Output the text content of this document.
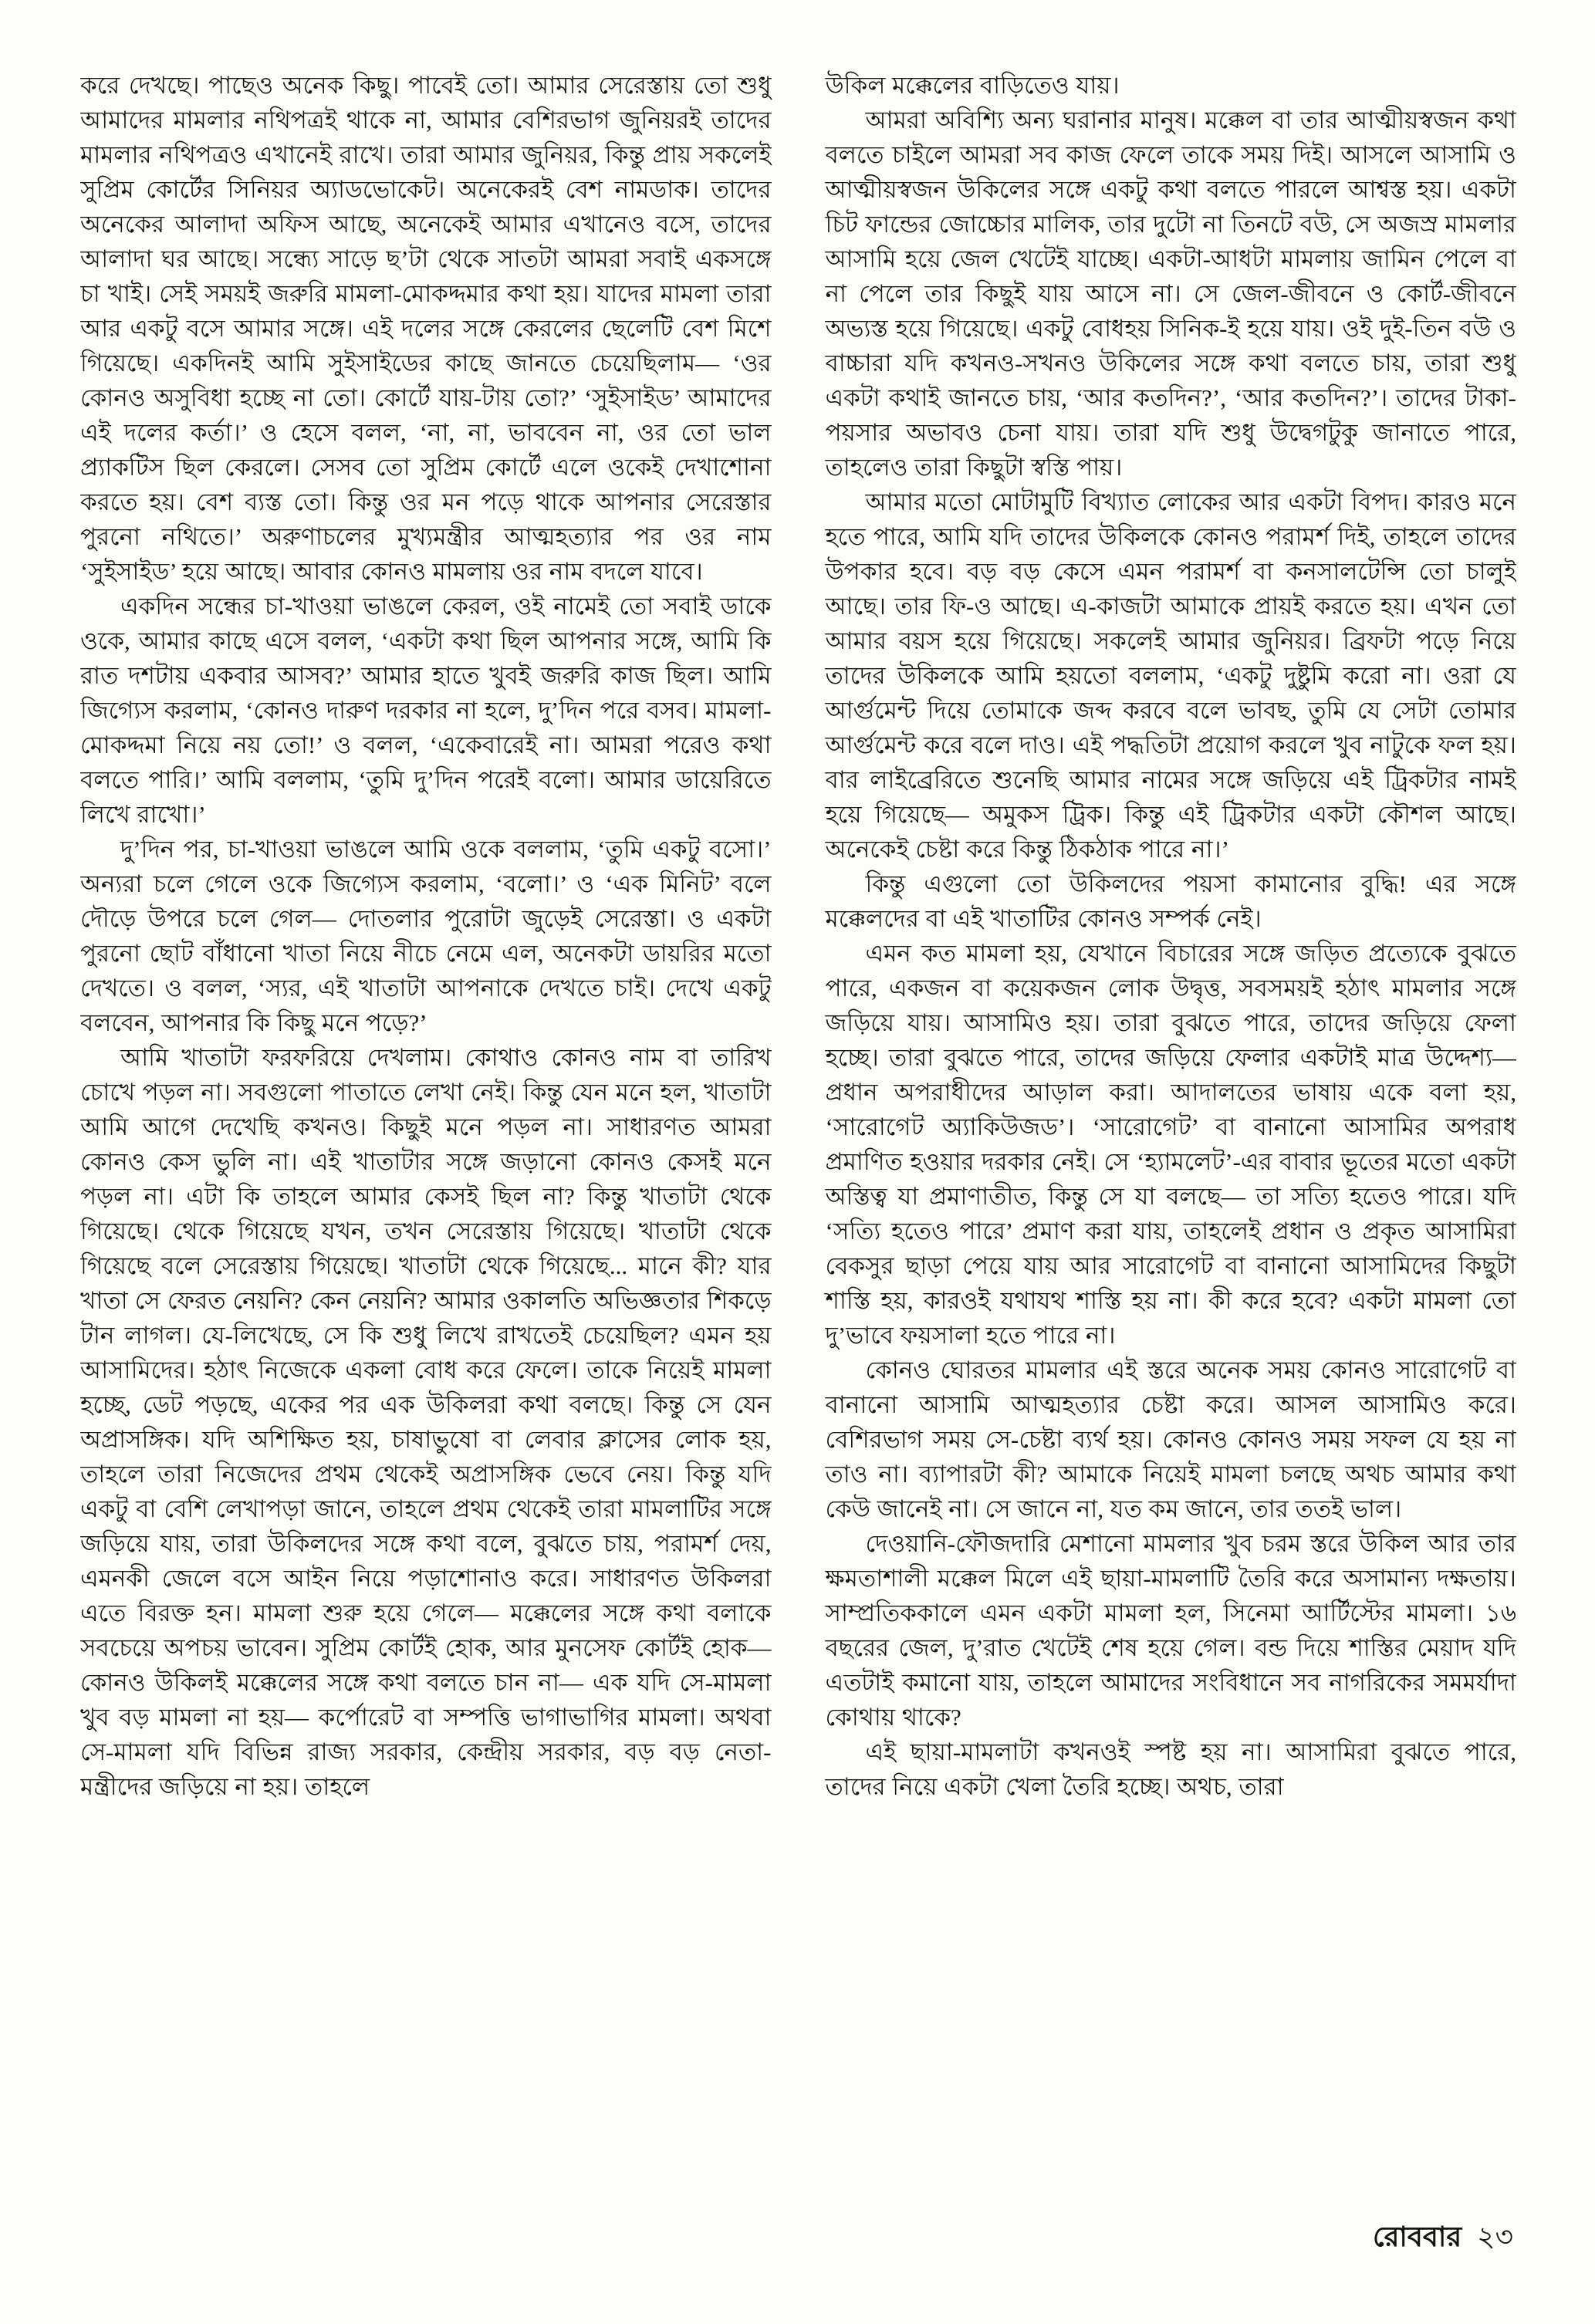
করে দেখছে। পাছেও অনেক কিছু। পাবেই তো। আমার সেরেস্তায় তো শুধু আমাদের মামলার নথিপত্রই থাকে না, আমার বেশিরভাগ জুনিয়রই তাদের মামলার নথিপত্রও এখানেই রাখে। তারা আমার জুনিয়র, কিন্তু প্রায় সকলেই সুপ্রিম কোর্টের সিনিয়র অ্যাডভোকেট। অনেকেরই বেশ নামডাক। তাদের অনেকের আলাদা অফিস আছে, অনেকেই আমার এখানেও বসে, তাদের আলাদা ঘর আছে। সন্ধ্যে সাড়ে ছ’টা থেকে সাতটা আমরা সবাই একসঙ্গে চা খাই। সেই সময়ই জরুরি মামলা-মোকদ্দমার কথা হয়। যাদের মামলা তারা আর একটু বসে আমার সঙ্গে। এই দলের সঙ্গে কেরলের ছেলেটি বেশ মিশে গিয়েছে। একদিনই আমি সুইসাইডের কাছে জানতে চেয়েছিলাম— ‘ওর কোনও অসুবিধা হচ্ছে না তো। কোর্টে যায়-টায় তো?’ ‘সুইসাইড’ আমাদের এই দলের কর্তা।’ ও হেসে বলল, ‘না, না, ভাববেন না, ওর তো ভাল প্র্যাকটিস ছিল কেরলে। সেসব তো সুপ্রিম কোর্টে এলে ওকেই দেখাশোনা করতে হয়। বেশ ব্যস্ত তো। কিন্তু ওর মন পড়ে থাকে আপনার সেরেস্তার পুরনো নথিতে।’ অরুণাচলের মুখ্যমন্ত্রীর আত্মহত্যার পর ওর নাম ‘সুইসাইড’ হয়ে আছে। আবার কোনও মামলায় ওর নাম বদলে যাবে।

একদিন সন্ধের চা-খাওয়া ভাঙলে কেরল, ওই নামেই তো সবাই ডাকে ওকে, আমার কাছে এসে বলল, ‘একটা কথা ছিল আপনার সঙ্গে, আমি কি রাত দশটায় একবার আসব?’ আমার হাতে খুবই জরুরি কাজ ছিল। আমি জিগ্যেস করলাম, ‘কোনও দারুণ দরকার না হলে, দু’দিন পরে বসব। মামলা-মোকদ্দমা নিয়ে নয় তো!’ ও বলল, ‘একেবারেই না। আমরা পরেও কথা বলতে পারি।’ আমি বললাম, ‘তুমি দু’দিন পরেই বলো। আমার ডায়েরিতে লিখে রাখো।’

দু’দিন পর, চা-খাওয়া ভাঙলে আমি ওকে বললাম, ‘তুমি একটু বসো।’ অন্যরা চলে গেলে ওকে জিগ্যেস করলাম, ‘বলো।’ ও ‘এক মিনিট’ বলে দৌড়ে উপরে চলে গেল— দোতলার পুরোটা জুড়েই সেরেস্তা। ও একটা পুরনো ছোট বাঁধানো খাতা নিয়ে নীচে নেমে এল, অনেকটা ডায়রির মতো দেখতে। ও বলল, ‘স্যর, এই খাতাটা আপনাকে দেখতে চাই। দেখে একটু বলবেন, আপনার কি কিছু মনে পড়ে?’

আমি খাতাটা ফরফরিয়ে দেখলাম। কোথাও কোনও নাম বা তারিখ চোখে পড়ল না। সবগুলো পাতাতে লেখা নেই। কিন্তু যেন মনে হল, খাতাটা আমি আগে দেখেছি কখনও। কিছুই মনে পড়ল না। সাধারণত আমরা কোনও কেস ভুলি না। এই খাতাটার সঙ্গে জড়ানো কোনও কেসই মনে পড়ল না। এটা কি তাহলে আমার কেসই ছিল না? কিন্তু খাতাটা থেকে গিয়েছে। থেকে গিয়েছে যখন, তখন সেরেস্তায় গিয়েছে। খাতাটা থেকে গিয়েছে বলে সেরেস্তায় গিয়েছে। খাতাটা থেকে গিয়েছে... মানে কী? যার খাতা সে ফেরত নেয়নি? কেন নেয়নি? আমার ওকালতি অভিজ্ঞতার শিকড়ে টান লাগল। যে-লিখেছে, সে কি শুধু লিখে রাখতেই চেয়েছিল? এমন হয় আসামিদের। হঠাৎ নিজেকে একলা বোধ করে ফেলে। তাকে নিয়েই মামলা হচ্ছে, ডেট পড়ছে, একের পর এক উকিলরা কথা বলছে। কিন্তু সে যেন অপ্রাসঙ্গিক। যদি অশিক্ষিত হয়, চাষাভুষো বা লেবার ক্লাসের লোক হয়, তাহলে তারা নিজেদের প্রথম থেকেই অপ্রাসঙ্গিক ভেবে নেয়। কিন্তু যদি একটু বা বেশি লেখাপড়া জানে, তাহলে প্রথম থেকেই তারা মামলাটির সঙ্গে জড়িয়ে যায়, তারা উকিলদের সঙ্গে কথা বলে, বুঝতে চায়, পরামর্শ দেয়, এমনকী জেলে বসে আইন নিয়ে পড়াশোনাও করে। সাধারণত উকিলরা এতে বিরক্ত হন। মামলা শুরু হয়ে গেলে— মক্কেলের সঙ্গে কথা বলাকে সবচেয়ে অপচয় ভাবেন। সুপ্রিম কোর্টই হোক, আর মুনসেফ কোর্টই হোক— কোনও উকিলই মক্কেলের সঙ্গে কথা বলতে চান না— এক যদি সে-মামলা খুব বড় মামলা না হয়— কর্পোরেট বা সম্পত্তি ভাগাভাগির মামলা। অথবা সে-মামলা যদি বিভিন্ন রাজ্য সরকার, কেন্দ্রীয় সরকার, বড় বড় নেতা-মন্ত্রীদের জড়িয়ে না হয়। তাহলে

উকিল মক্কেলের বাড়িতেও যায়।

আমরা অবিশ্যি অন্য ঘরানার মানুষ। মক্কেল বা তার আত্মীয়স্বজন কথা বলতে চাইলে আমরা সব কাজ ফেলে তাকে সময় দিই। আসলে আসামি ও আত্মীয়স্বজন উকিলের সঙ্গে একটু কথা বলতে পারলে আশ্বস্ত হয়। একটা চিট ফান্ডের জোচ্চোর মালিক, তার দুটো না তিনটে বউ, সে অজস্র মামলার আসামি হয়ে জেল খেটেই যাচ্ছে। একটা-আধটা মামলায় জামিন পেলে বা না পেলে তার কিছুই যায় আসে না। সে জেল-জীবনে ও কোর্ট-জীবনে অভ্যস্ত হয়ে গিয়েছে। একটু বোধহয় সিনিক-ই হয়ে যায়। ওই দুই-তিন বউ ও বাচ্চারা যদি কখনও-সখনও উকিলের সঙ্গে কথা বলতে চায়, তারা শুধু একটা কথাই জানতে চায়, ‘আর কতদিন?’, ‘আর কতদিন?’। তাদের টাকা-পয়সার অভাবও চেনা যায়। তারা যদি শুধু উদ্বেগটুকু জানাতে পারে, তাহলেও তারা কিছুটা স্বস্তি পায়।

আমার মতো মোটামুটি বিখ্যাত লোকের আর একটা বিপদ। কারও মনে হতে পারে, আমি যদি তাদের উকিলকে কোনও পরামর্শ দিই, তাহলে তাদের উপকার হবে। বড় বড় কেসে এমন পরামর্শ বা কনসালটেন্সি তো চালুই আছে। তার ফি-ও আছে। এ-কাজটা আমাকে প্রায়ই করতে হয়। এখন তো আমার বয়স হয়ে গিয়েছে। সকলেই আমার জুনিয়র। ব্রিফটা পড়ে নিয়ে তাদের উকিলকে আমি হয়তো বললাম, ‘একটু দুষ্টুমি করো না। ওরা যে আর্গুমেন্ট দিয়ে তোমাকে জব্দ করবে বলে ভাবছ, তুমি যে সেটা তোমার আর্গুমেন্ট করে বলে দাও। এই পদ্ধতিটা প্রয়োগ করলে খুব নাটুকে ফল হয়। বার লাইব্রেরিতে শুনেছি আমার নামের সঙ্গে জড়িয়ে এই ট্রিকটার নামই হয়ে গিয়েছে— অমুকস ট্রিক। কিন্তু এই ট্রিকটার একটা কৌশল আছে। অনেকেই চেষ্টা করে কিন্তু ঠিকঠাক পারে না।’

কিন্তু এগুলো তো উকিলদের পয়সা কামানোর বুদ্ধি! এর সঙ্গে মক্কেলদের বা এই খাতাটির কোনও সম্পর্ক নেই।

এমন কত মামলা হয়, যেখানে বিচারের সঙ্গে জড়িত প্রত্যেকে বুঝতে পারে, একজন বা কয়েকজন লোক উদ্বৃত্ত, সবসময়ই হঠাৎ মামলার সঙ্গে জড়িয়ে যায়। আসামিও হয়। তারা বুঝতে পারে, তাদের জড়িয়ে ফেলা হচ্ছে। তারা বুঝতে পারে, তাদের জড়িয়ে ফেলার একটাই মাত্র উদ্দেশ্য— প্রধান অপরাধীদের আড়াল করা। আদালতের ভাষায় একে বলা হয়, ‘সারোগেট অ্যাকিউজড’। ‘সারোগেট’ বা বানানো আসামির অপরাধ প্রমাণিত হওয়ার দরকার নেই। সে ‘হ্যামলেট’-এর বাবার ভূতের মতো একটা অস্তিত্ব যা প্রমাণাতীত, কিন্তু সে যা বলছে— তা সত্যি হতেও পারে। যদি ‘সত্যি হতেও পারে’ প্রমাণ করা যায়, তাহলেই প্রধান ও প্রকৃত আসামিরা বেকসুর ছাড়া পেয়ে যায় আর সারোগেট বা বানানো আসামিদের কিছুটা শাস্তি হয়, কারওই যথাযথ শাস্তি হয় না। কী করে হবে? একটা মামলা তো দু’ভাবে ফয়সালা হতে পারে না।

কোনও ঘোরতর মামলার এই স্তরে অনেক সময় কোনও সারোগেট বা বানানো আসামি আত্মহত্যার চেষ্টা করে। আসল আসামিও করে। বেশিরভাগ সময় সে-চেষ্টা ব্যর্থ হয়। কোনও কোনও সময় সফল যে হয় না তাও না। ব্যাপারটা কী? আমাকে নিয়েই মামলা চলছে অথচ আমার কথা কেউ জানেই না। সে জানে না, যত কম জানে, তার ততই ভাল।

দেওয়ানি-ফৌজদারি মেশানো মামলার খুব চরম স্তরে উকিল আর তার ক্ষমতাশালী মক্কেল মিলে এই ছায়া-মামলাটি তৈরি করে অসামান্য দক্ষতায়। সাম্প্রতিককালে এমন একটা মামলা হল, সিনেমা আর্টিস্টের মামলা। ১৬ বছরের জেল, দু’রাত খেটেই শেষ হয়ে গেল। বন্ড দিয়ে শাস্তির মেয়াদ যদি এতটাই কমানো যায়, তাহলে আমাদের সংবিধানে সব নাগরিকের সমমর্যাদা কোথায় থাকে?

এই ছায়া-মামলাটা কখনওই স্পষ্ট হয় না। আসামিরা বুঝতে পারে, তাদের নিয়ে একটা খেলা তৈরি হচ্ছে। অথচ, তারা

রোববার ২৩
